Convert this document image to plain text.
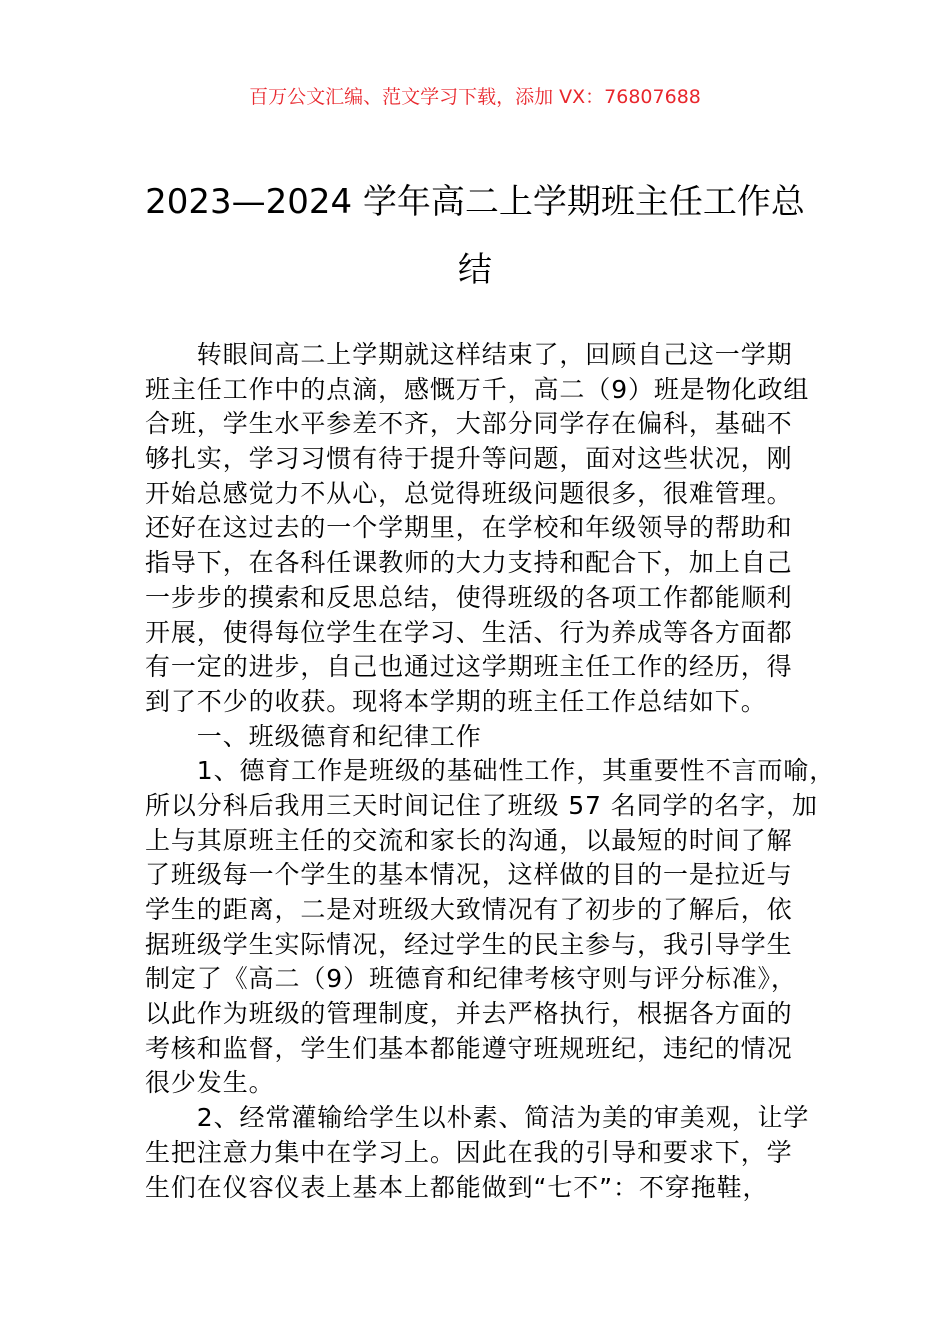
百万公文汇编、范文学习下载，添加 VX：76807688
2023—2024 学年高二上学期班主任工作总
结
　　转眼间高二上学期就这样结束了，回顾自己这一学期
班主任工作中的点滴，感慨万千，高二（9）班是物化政组
合班，学生水平参差不齐，大部分同学存在偏科，基础不
够扎实，学习习惯有待于提升等问题，面对这些状况，刚
开始总感觉力不从心，总觉得班级问题很多，很难管理。
还好在这过去的一个学期里，在学校和年级领导的帮助和
指导下，在各科任课教师的大力支持和配合下，加上自己
一步步的摸索和反思总结，使得班级的各项工作都能顺利
开展，使得每位学生在学习、生活、行为养成等各方面都
有一定的进步，自己也通过这学期班主任工作的经历，得
到了不少的收获。现将本学期的班主任工作总结如下。
　　一、班级德育和纪律工作
　　1、德育工作是班级的基础性工作，其重要性不言而喻，
所以分科后我用三天时间记住了班级 57 名同学的名字，加
上与其原班主任的交流和家长的沟通，以最短的时间了解
了班级每一个学生的基本情况，这样做的目的一是拉近与
学生的距离，二是对班级大致情况有了初步的了解后，依
据班级学生实际情况，经过学生的民主参与，我引导学生
制定了《高二（9）班德育和纪律考核守则与评分标准》，
以此作为班级的管理制度，并去严格执行，根据各方面的
考核和监督，学生们基本都能遵守班规班纪，违纪的情况
很少发生。
　　2、经常灌输给学生以朴素、简洁为美的审美观，让学
生把注意力集中在学习上。因此在我的引导和要求下，学
生们在仪容仪表上基本上都能做到“七不”：不穿拖鞋，
